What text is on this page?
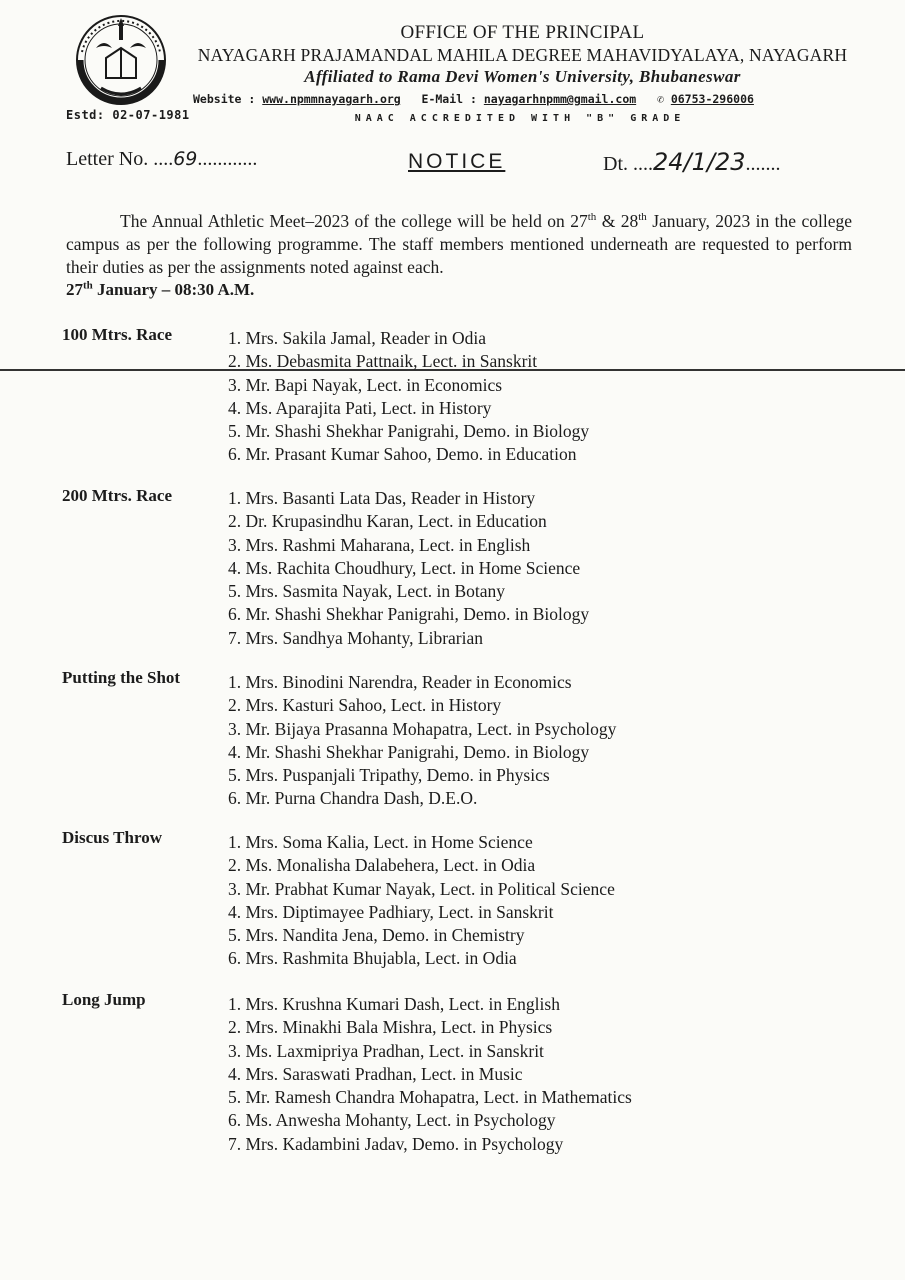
Estd: 02-07-1981
OFFICE OF THE PRINCIPAL
NAYAGARH PRAJAMANDAL MAHILA DEGREE MAHAVIDYALAYA, NAYAGARH
Affiliated to Rama Devi Women's University, Bhubaneswar
Website : www.npmmnayagarh.org E-Mail : nayagarhnpmm@gmail.com ✆ 06753-296006
NAAC ACCREDITED WITH "B" GRADE
Letter No. ....69............	NOTICE	Dt. ....24/1/23.......

The Annual Athletic Meet–2023 of the college will be held on 27th & 28th January, 2023 in the college campus as per the following programme. The staff members mentioned underneath are requested to perform their duties as per the assignments noted against each.

27th January – 08:30 A.M.
100 Mtrs. Race	1. Mrs. Sakila Jamal, Reader in Odia
2. Ms. Debasmita Pattnaik, Lect. in Sanskrit
3. Mr. Bapi Nayak, Lect. in Economics
4. Ms. Aparajita Pati, Lect. in History
5. Mr. Shashi Shekhar Panigrahi, Demo. in Biology
6. Mr. Prasant Kumar Sahoo, Demo. in Education
200 Mtrs. Race	1. Mrs. Basanti Lata Das, Reader in History
2. Dr. Krupasindhu Karan, Lect. in Education
3. Mrs. Rashmi Maharana, Lect. in English
4. Ms. Rachita Choudhury, Lect. in Home Science
5. Mrs. Sasmita Nayak, Lect. in Botany
6. Mr. Shashi Shekhar Panigrahi, Demo. in Biology
7. Mrs. Sandhya Mohanty, Librarian
Putting the Shot	1. Mrs. Binodini Narendra, Reader in Economics
2. Mrs. Kasturi Sahoo, Lect. in History
3. Mr. Bijaya Prasanna Mohapatra, Lect. in Psychology
4. Mr. Shashi Shekhar Panigrahi, Demo. in Biology
5. Mrs. Puspanjali Tripathy, Demo. in Physics
6. Mr. Purna Chandra Dash, D.E.O.
Discus Throw	1. Mrs. Soma Kalia, Lect. in Home Science
2. Ms. Monalisha Dalabehera, Lect. in Odia
3. Mr. Prabhat Kumar Nayak, Lect. in Political Science
4. Mrs. Diptimayee Padhiary, Lect. in Sanskrit
5. Mrs. Nandita Jena, Demo. in Chemistry
6. Mrs. Rashmita Bhujabla, Lect. in Odia
Long Jump	1. Mrs. Krushna Kumari Dash, Lect. in English
2. Mrs. Minakhi Bala Mishra, Lect. in Physics
3. Ms. Laxmipriya Pradhan, Lect. in Sanskrit
4. Mrs. Saraswati Pradhan, Lect. in Music
5. Mr. Ramesh Chandra Mohapatra, Lect. in Mathematics
6. Ms. Anwesha Mohanty, Lect. in Psychology
7. Mrs. Kadambini Jadav, Demo. in Psychology
